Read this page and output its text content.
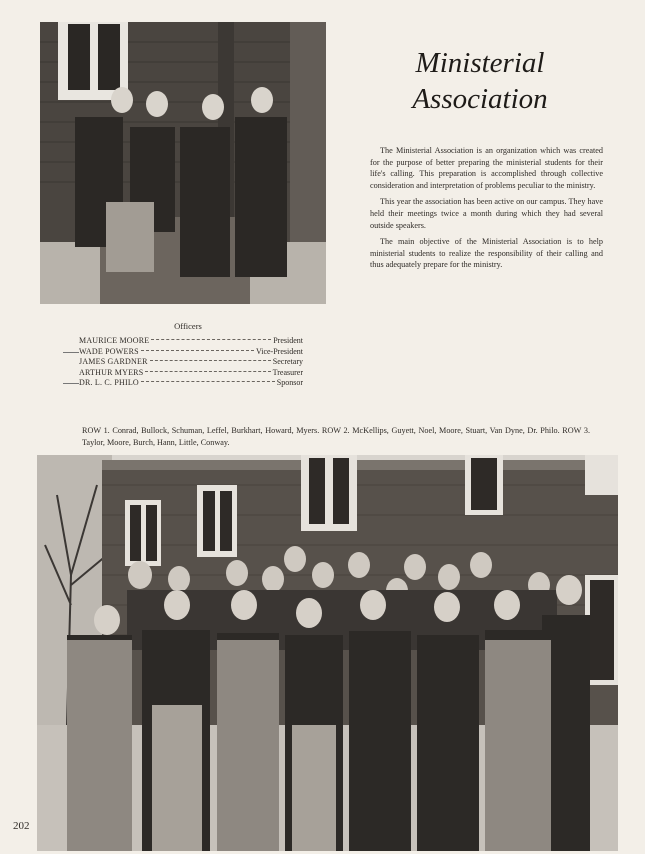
Ministerial
Association

The Ministerial Association is an organization which was created for the purpose of better preparing the ministerial students for their life's calling. This preparation is accomplished through collective consideration and interpretation of problems peculiar to the ministry.

This year the association has been active on our campus. They have held their meetings twice a month during which they had several outside speakers.

The main objective of the Ministerial Association is to help ministerial students to realize the responsibility of their calling and thus adequately prepare for the ministry.

Officers
MAURICE MOORE	President
WADE POWERS	Vice-President
JAMES GARDNER	Secretary
ARTHUR MYERS	Treasurer
DR. L. C. PHILO	Sponsor
ROW 1. Conrad, Bullock, Schuman, Leffel, Burkhart, Howard, Myers. ROW 2. McKellips, Guyett, Noel, Moore, Stuart, Van Dyne, Dr. Philo. ROW 3. Taylor, Moore, Burch, Hann, Little, Conway.
202
